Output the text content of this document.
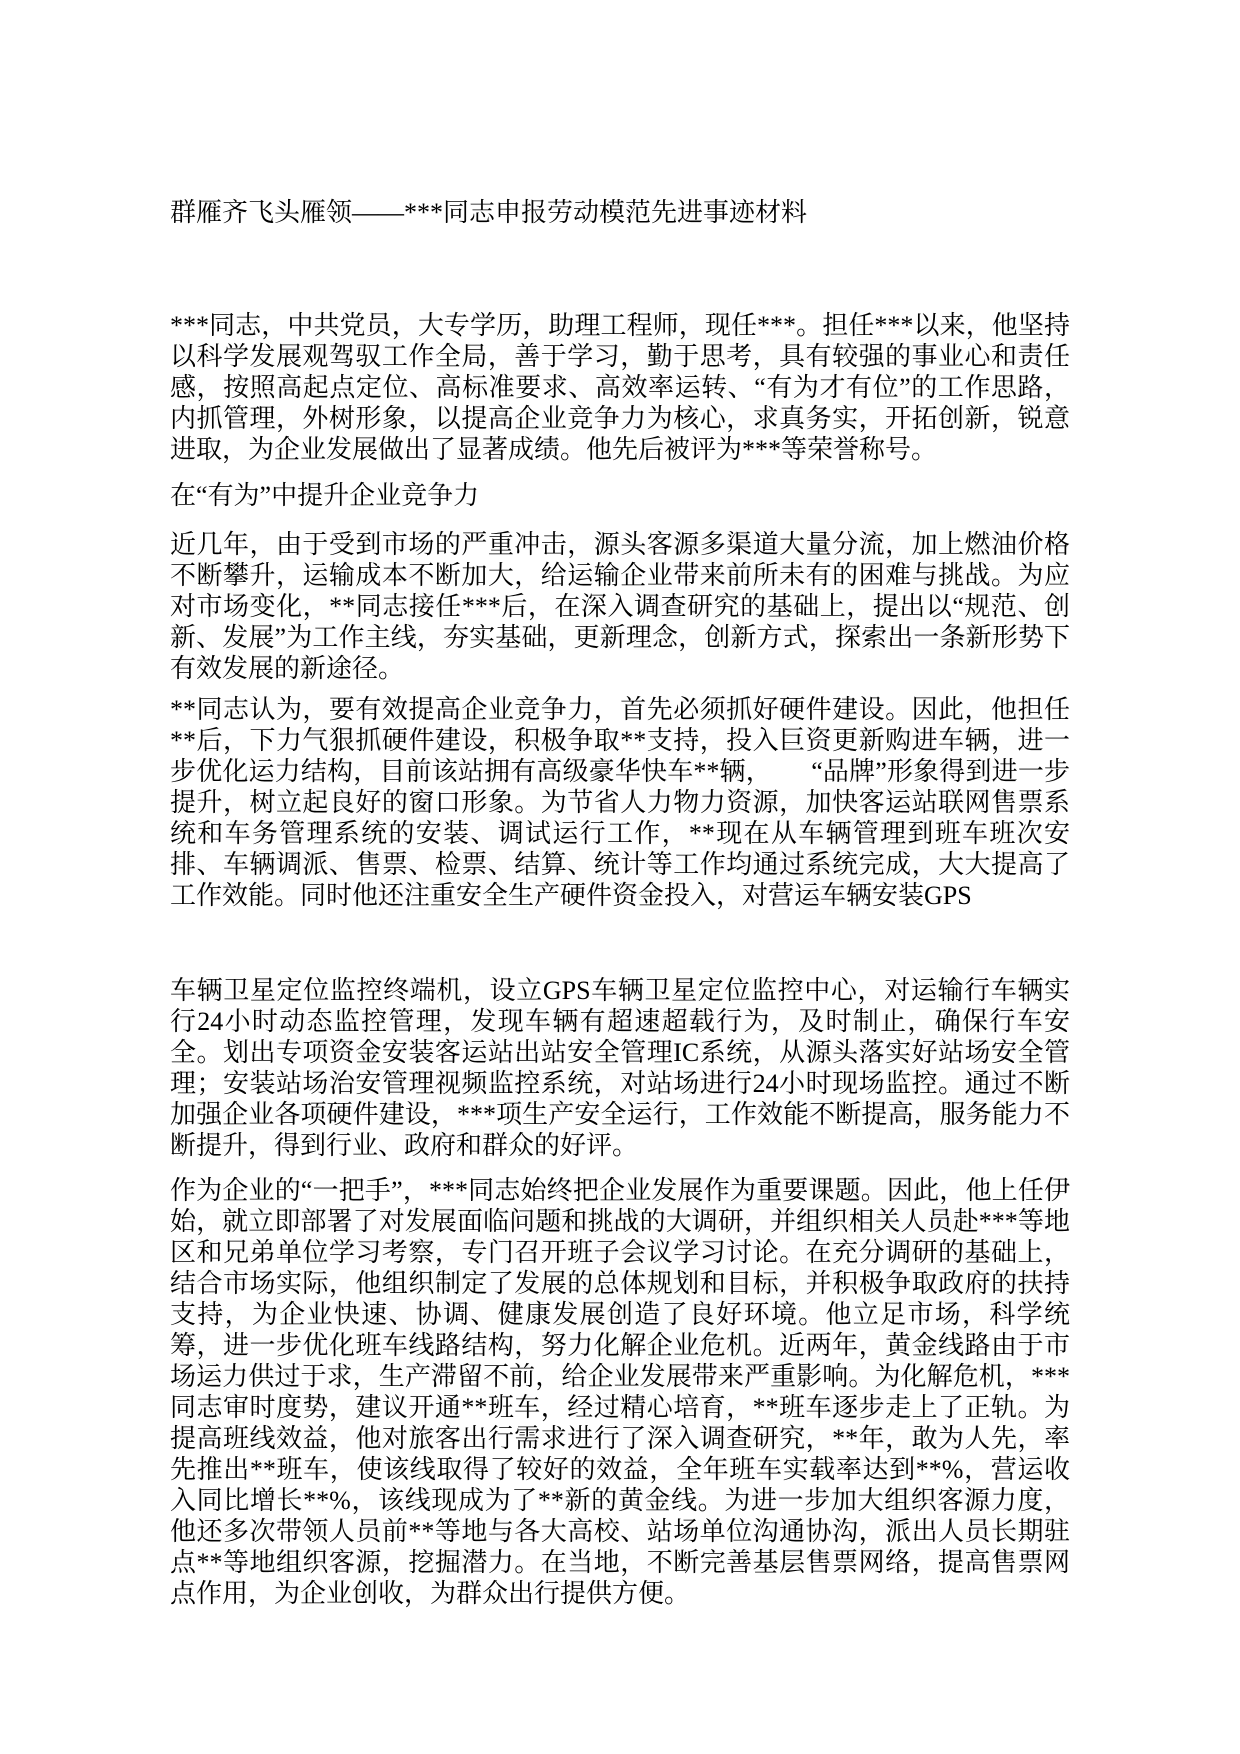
群雁齐飞头雁领——***同志申报劳动模范先进事迹材料

***同志，中共党员，大专学历，助理工程师，现任***。担任***以来，他坚持以科学发展观驾驭工作全局，善于学习，勤于思考，具有较强的事业心和责任感，按照高起点定位、高标准要求、高效率运转、“有为才有位”的工作思路，内抓管理，外树形象，以提高企业竞争力为核心，求真务实，开拓创新，锐意进取，为企业发展做出了显著成绩。他先后被评为***等荣誉称号。

在“有为”中提升企业竞争力

近几年，由于受到市场的严重冲击，源头客源多渠道大量分流，加上燃油价格不断攀升，运输成本不断加大，给运输企业带来前所未有的困难与挑战。为应对市场变化，**同志接任***后，在深入调查研究的基础上，提出以“规范、创新、发展”为工作主线，夯实基础，更新理念，创新方式，探索出一条新形势下有效发展的新途径。

**同志认为，要有效提高企业竞争力，首先必须抓好硬件建设。因此，他担任**后，下力气狠抓硬件建设，积极争取**支持，投入巨资更新购进车辆，进一步优化运力结构，目前该站拥有高级豪华快车**辆，　　“品牌”形象得到进一步提升，树立起良好的窗口形象。为节省人力物力资源，加快客运站联网售票系统和车务管理系统的安装、调试运行工作，**现在从车辆管理到班车班次安排、车辆调派、售票、检票、结算、统计等工作均通过系统完成，大大提高了工作效能。同时他还注重安全生产硬件资金投入，对营运车辆安装GPS

车辆卫星定位监控终端机，设立GPS车辆卫星定位监控中心，对运输行车辆实行24小时动态监控管理，发现车辆有超速超载行为，及时制止，确保行车安全。划出专项资金安装客运站出站安全管理IC系统，从源头落实好站场安全管理；安装站场治安管理视频监控系统，对站场进行24小时现场监控。通过不断加强企业各项硬件建设，***项生产安全运行，工作效能不断提高，服务能力不断提升，得到行业、政府和群众的好评。

作为企业的“一把手”，***同志始终把企业发展作为重要课题。因此，他上任伊始，就立即部署了对发展面临问题和挑战的大调研，并组织相关人员赴***等地区和兄弟单位学习考察，专门召开班子会议学习讨论。在充分调研的基础上，结合市场实际，他组织制定了发展的总体规划和目标，并积极争取政府的扶持支持，为企业快速、协调、健康发展创造了良好环境。他立足市场，科学统筹，进一步优化班车线路结构，努力化解企业危机。近两年，黄金线路由于市场运力供过于求，生产滞留不前，给企业发展带来严重影响。为化解危机，***同志审时度势，建议开通**班车，经过精心培育，**班车逐步走上了正轨。为提高班线效益，他对旅客出行需求进行了深入调查研究，**年，敢为人先，率先推出**班车，使该线取得了较好的效益，全年班车实载率达到**%，营运收入同比增长**%，该线现成为了**新的黄金线。为进一步加大组织客源力度，他还多次带领人员前**等地与各大高校、站场单位沟通协沟，派出人员长期驻点**等地组织客源，挖掘潜力。在当地，不断完善基层售票网络，提高售票网点作用，为企业创收，为群众出行提供方便。
